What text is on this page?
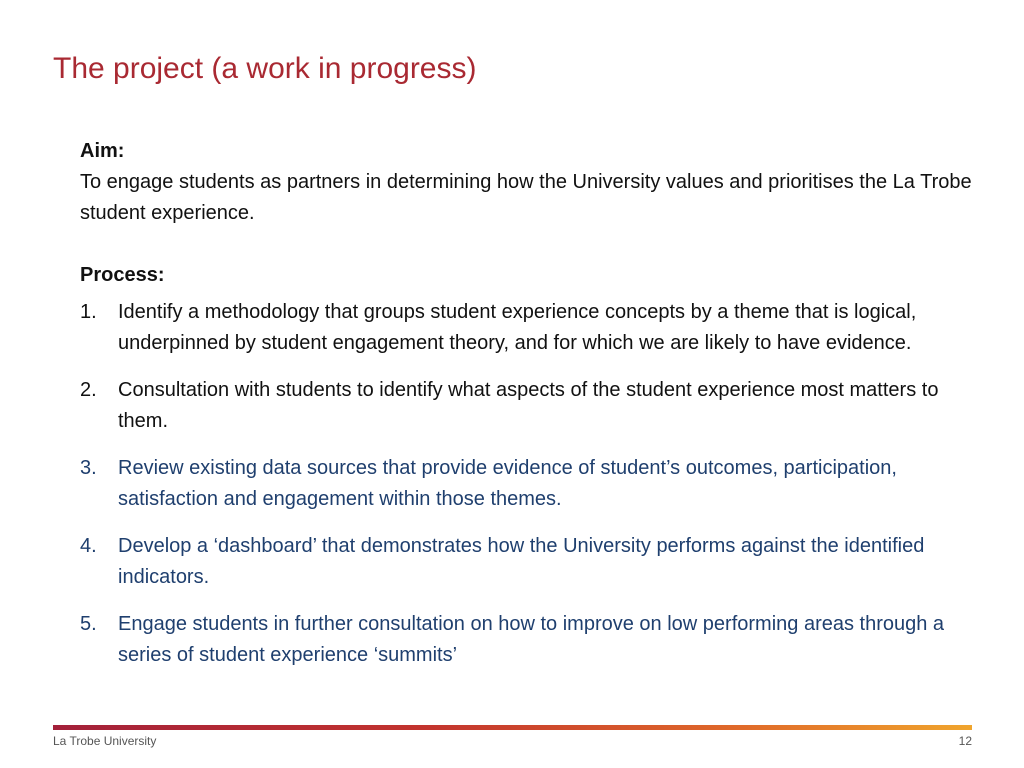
The project (a work in progress)
Aim:

To engage students as partners in determining how the University values and prioritises the La Trobe student experience.

Process:
1. Identify a methodology that groups student experience concepts by a theme that is logical, underpinned by student engagement theory, and for which we are likely to have evidence.
2. Consultation with students to identify what aspects of the student experience most matters to them.
3. Review existing data sources that provide evidence of student’s outcomes, participation, satisfaction and engagement within those themes.
4. Develop a ‘dashboard’ that demonstrates how the University performs against the identified indicators.
5. Engage students in further consultation on how to improve on low performing areas through a series of student experience ‘summits’
La Trobe University	12
